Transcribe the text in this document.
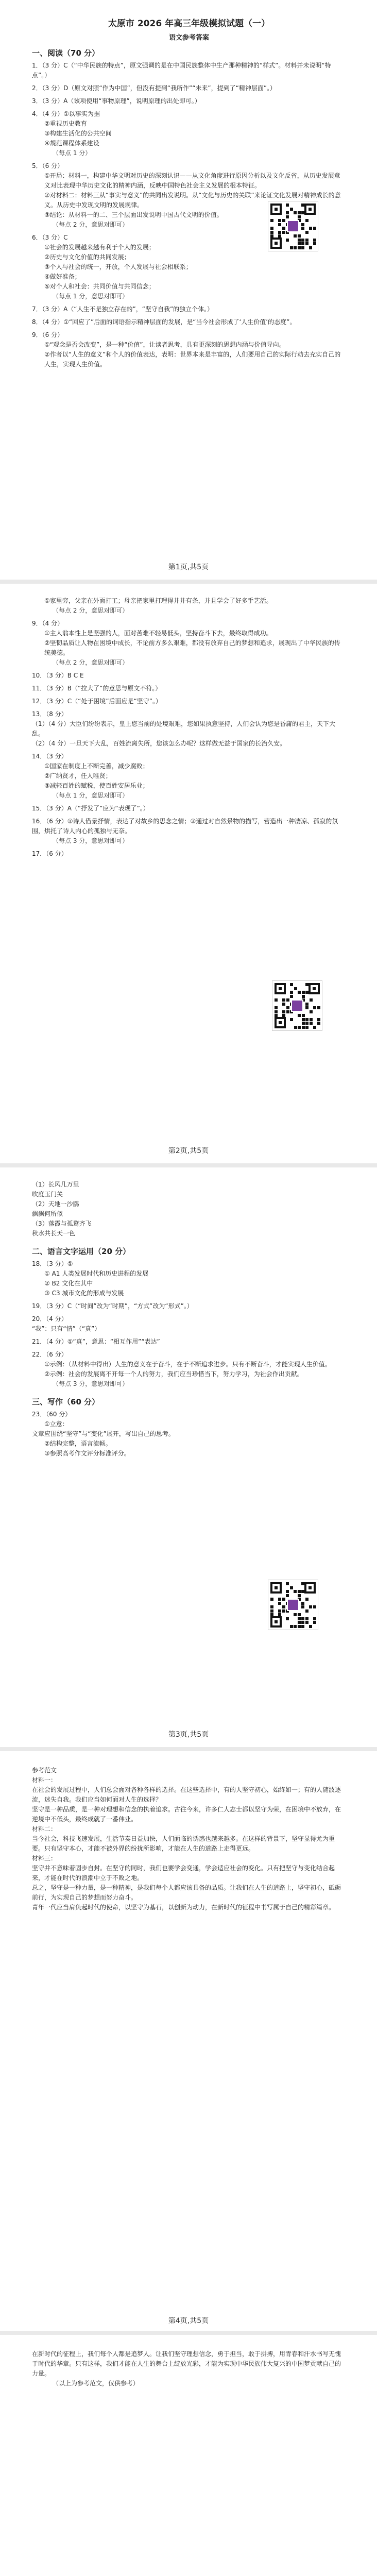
太原市 2026 年高三年级模拟试题（一）
语文参考答案
一、阅读（70 分）

1．（3 分）C（“中华民族的特点”，原文强调的是在中国民族整体中生产那种精神的“样式”。材料并未说明“特点”。）

2．（3 分）D（原文对照“作为中国”，但没有提到“我所作”“未来”，提到了“精神层面”。）

3．（3 分）A（该项使用“事物原理”，说明原理的出处即可。）

4．（4 分）①以事实为据

②重视历史教育

③构建生活化的公共空间

④规范课程体系建设

（每点 1 分）

5．（6 分）

①开局：材料一，构建中华文明对历史的深刻认识——从文化角度进行原因分析以及文化反省，从历史发展意义对比表现中华历史文化的精神内涵，反映中国特色社会主义发展的根本特征。

②对材料二：材料三从“事实与意义”的共同出发说明。从“文化与历史的关联”来论证文化发展对精神成长的意义。从历史中发现文明的发展规律。

③结论：从材料一的二、三个层面出发说明中国古代文明的价值。

（每点 2 分，意思对即可）

6．（3 分）C

①社会的发展越来越有利于个人的发展；

②历史与文化价值的共同发展；

③个人与社会的统一，开放，个人发展与社会相联系；

④做好准备；

⑤对个人和社会：共同价值与共同信念；

（每点 1 分，意思对即可）

7．（3 分）A（“人生不是独立存在的”，“坚守自我”的独立个体。）

8．（4 分）①“回应了”后面的词语指示精神层面的发展，是“当今社会形成了‘人生价值’的态度”。

9．（6 分）

①“观念是否会改变”，是一种“价值”，让读者思考，具有更深刻的思想内涵与价值导向。

②作者以“人生的意义”和个人的价值表达，表明：世界本来是丰富的，人们要用自己的实际行动去充实自己的人生，实现人生价值。

第1页,共5页

①家里穷，父亲在外面打工；母亲把家里打理得井井有条，并且学会了好多手艺活。

（每点 2 分，意思对即可）

9．（4 分）

①主人翁本性上是坚强的人，面对苦难不轻易低头，坚持奋斗下去，最终取得成功。

②坚韧品质让人物在困境中成长，不论前方多么艰难，都没有放弃自己的梦想和追求，展现出了中华民族的传统美德。

（每点 2 分，意思对即可）

10．（3 分）B C E

11．（3 分）B（“拉大了”的意思与原文不符。）

12．（3 分）C（“处于困境”后面应是“坚守”。）

13．（8 分）

（1）（4 分）大臣们纷纷表示，皇上您当前的处境艰难，您如果执意坚持，人们会认为您是昏庸的君主，天下大乱。

（2）（4 分）一旦天下大乱，百姓流离失所，您该怎么办呢？这样做无益于国家的长治久安。

14．（3 分）

①国家在制度上不断完善，减少腐败；

②广纳贤才，任人唯贤；

③减轻百姓的赋税，使百姓安居乐业；

（每点 1 分，意思对即可）

15．（3 分）A（“抒发了”应为“表现了”。）

16．（6 分）①诗人借景抒情，表达了对故乡的思念之情；②通过对自然景物的描写，营造出一种凄凉、孤寂的氛围，烘托了诗人内心的孤独与无奈。

（每点 3 分，意思对即可）

17．（6 分）

第2页,共5页

（1）长风几万里

吹度玉门关

（2）天地一沙鸥

飘飘何所似

（3）落霞与孤鹜齐飞

秋水共长天一色

二、语言文字运用（20 分）

18．（3 分）①

① A1 人类发展时代和历史进程的发展

② B2 文化在其中

③ C3 城市文化的形成与发展

19．（3 分）C（“时间”改为“时期”，“方式”改为“形式”。）

20．（4 分）

“我”：只有“情”（“真”）

21．（4 分）①“真”，意思：“相互作用”“表达”

22．（6 分）

①示例：（从材料中得出）人生的意义在于奋斗，在于不断追求进步。只有不断奋斗，才能实现人生价值。

②示例：社会的发展离不开每一个人的努力，我们应当珍惜当下，努力学习，为社会作出贡献。

（每点 3 分，意思对即可）

三、写作（60 分）

23．（60 分）

①立意：

文章应围绕“坚守”与“变化”展开，写出自己的思考。

②结构完整，语言流畅。

③参照高考作文评分标准评分。

第3页,共5页

参考范文

材料一：

在社会的发展过程中，人们总会面对各种各样的选择。在这些选择中，有的人坚守初心，始终如一；有的人随波逐流，迷失自我。我们应当如何面对人生的选择？

坚守是一种品质，是一种对理想和信念的执着追求。古往今来，许多仁人志士都以坚守为荣，在困境中不放弃，在逆境中不低头，最终成就了一番伟业。

材料二：

当今社会，科技飞速发展，生活节奏日益加快，人们面临的诱惑也越来越多。在这样的背景下，坚守显得尤为重要。只有坚守本心，才能不被外界的纷扰所影响，才能在人生的道路上走得更远。

材料三：

坚守并不意味着固步自封。在坚守的同时，我们也要学会变通，学会适应社会的变化。只有把坚守与变化结合起来，才能在时代的浪潮中立于不败之地。

总之，坚守是一种力量，是一种精神，是我们每个人都应该具备的品质。让我们在人生的道路上，坚守初心，砥砺前行，为实现自己的梦想而努力奋斗。

青年一代应当肩负起时代的使命，以坚守为基石，以创新为动力，在新时代的征程中书写属于自己的精彩篇章。

第4页,共5页

在新时代的征程上，我们每个人都是追梦人。让我们坚守理想信念，勇于担当，敢于拼搏，用青春和汗水书写无愧于时代的华章。只有这样，我们才能在人生的舞台上绽放光彩，才能为实现中华民族伟大复兴的中国梦贡献自己的力量。

（以上为参考范文，仅供参考）
